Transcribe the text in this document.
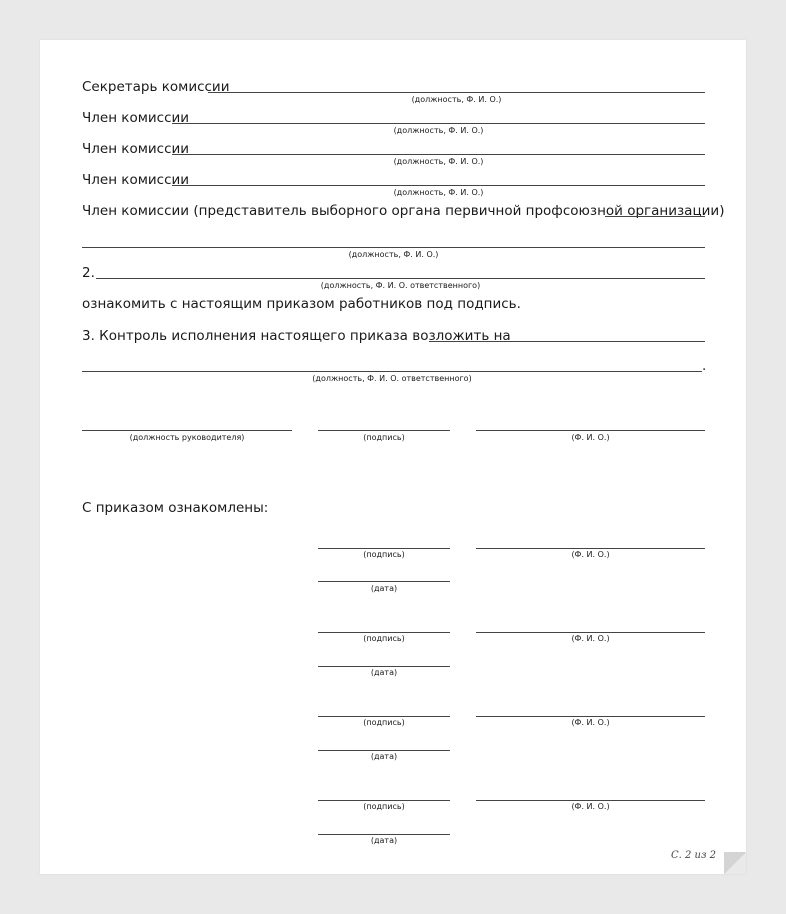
Секретарь комиссии
(должность, Ф. И. О.)
Член комиссии
(должность, Ф. И. О.)
Член комиссии
(должность, Ф. И. О.)
Член комиссии
(должность, Ф. И. О.)
Член комиссии (представитель выборного органа первичной профсоюзной организации)
(должность, Ф. И. О.)
2.
(должность, Ф. И. О. ответственного)
ознакомить с настоящим приказом работников под подпись.
3. Контроль исполнения настоящего приказа возложить на
.
(должность, Ф. И. О. ответственного)
(должность руководителя)	(подпись)	(Ф. И. О.)
С приказом ознакомлены:
(подпись)	(Ф. И. О.)
(дата)
(подпись)	(Ф. И. О.)
(дата)
(подпись)	(Ф. И. О.)
(дата)
(подпись)	(Ф. И. О.)
(дата)
С. 2 из 2
